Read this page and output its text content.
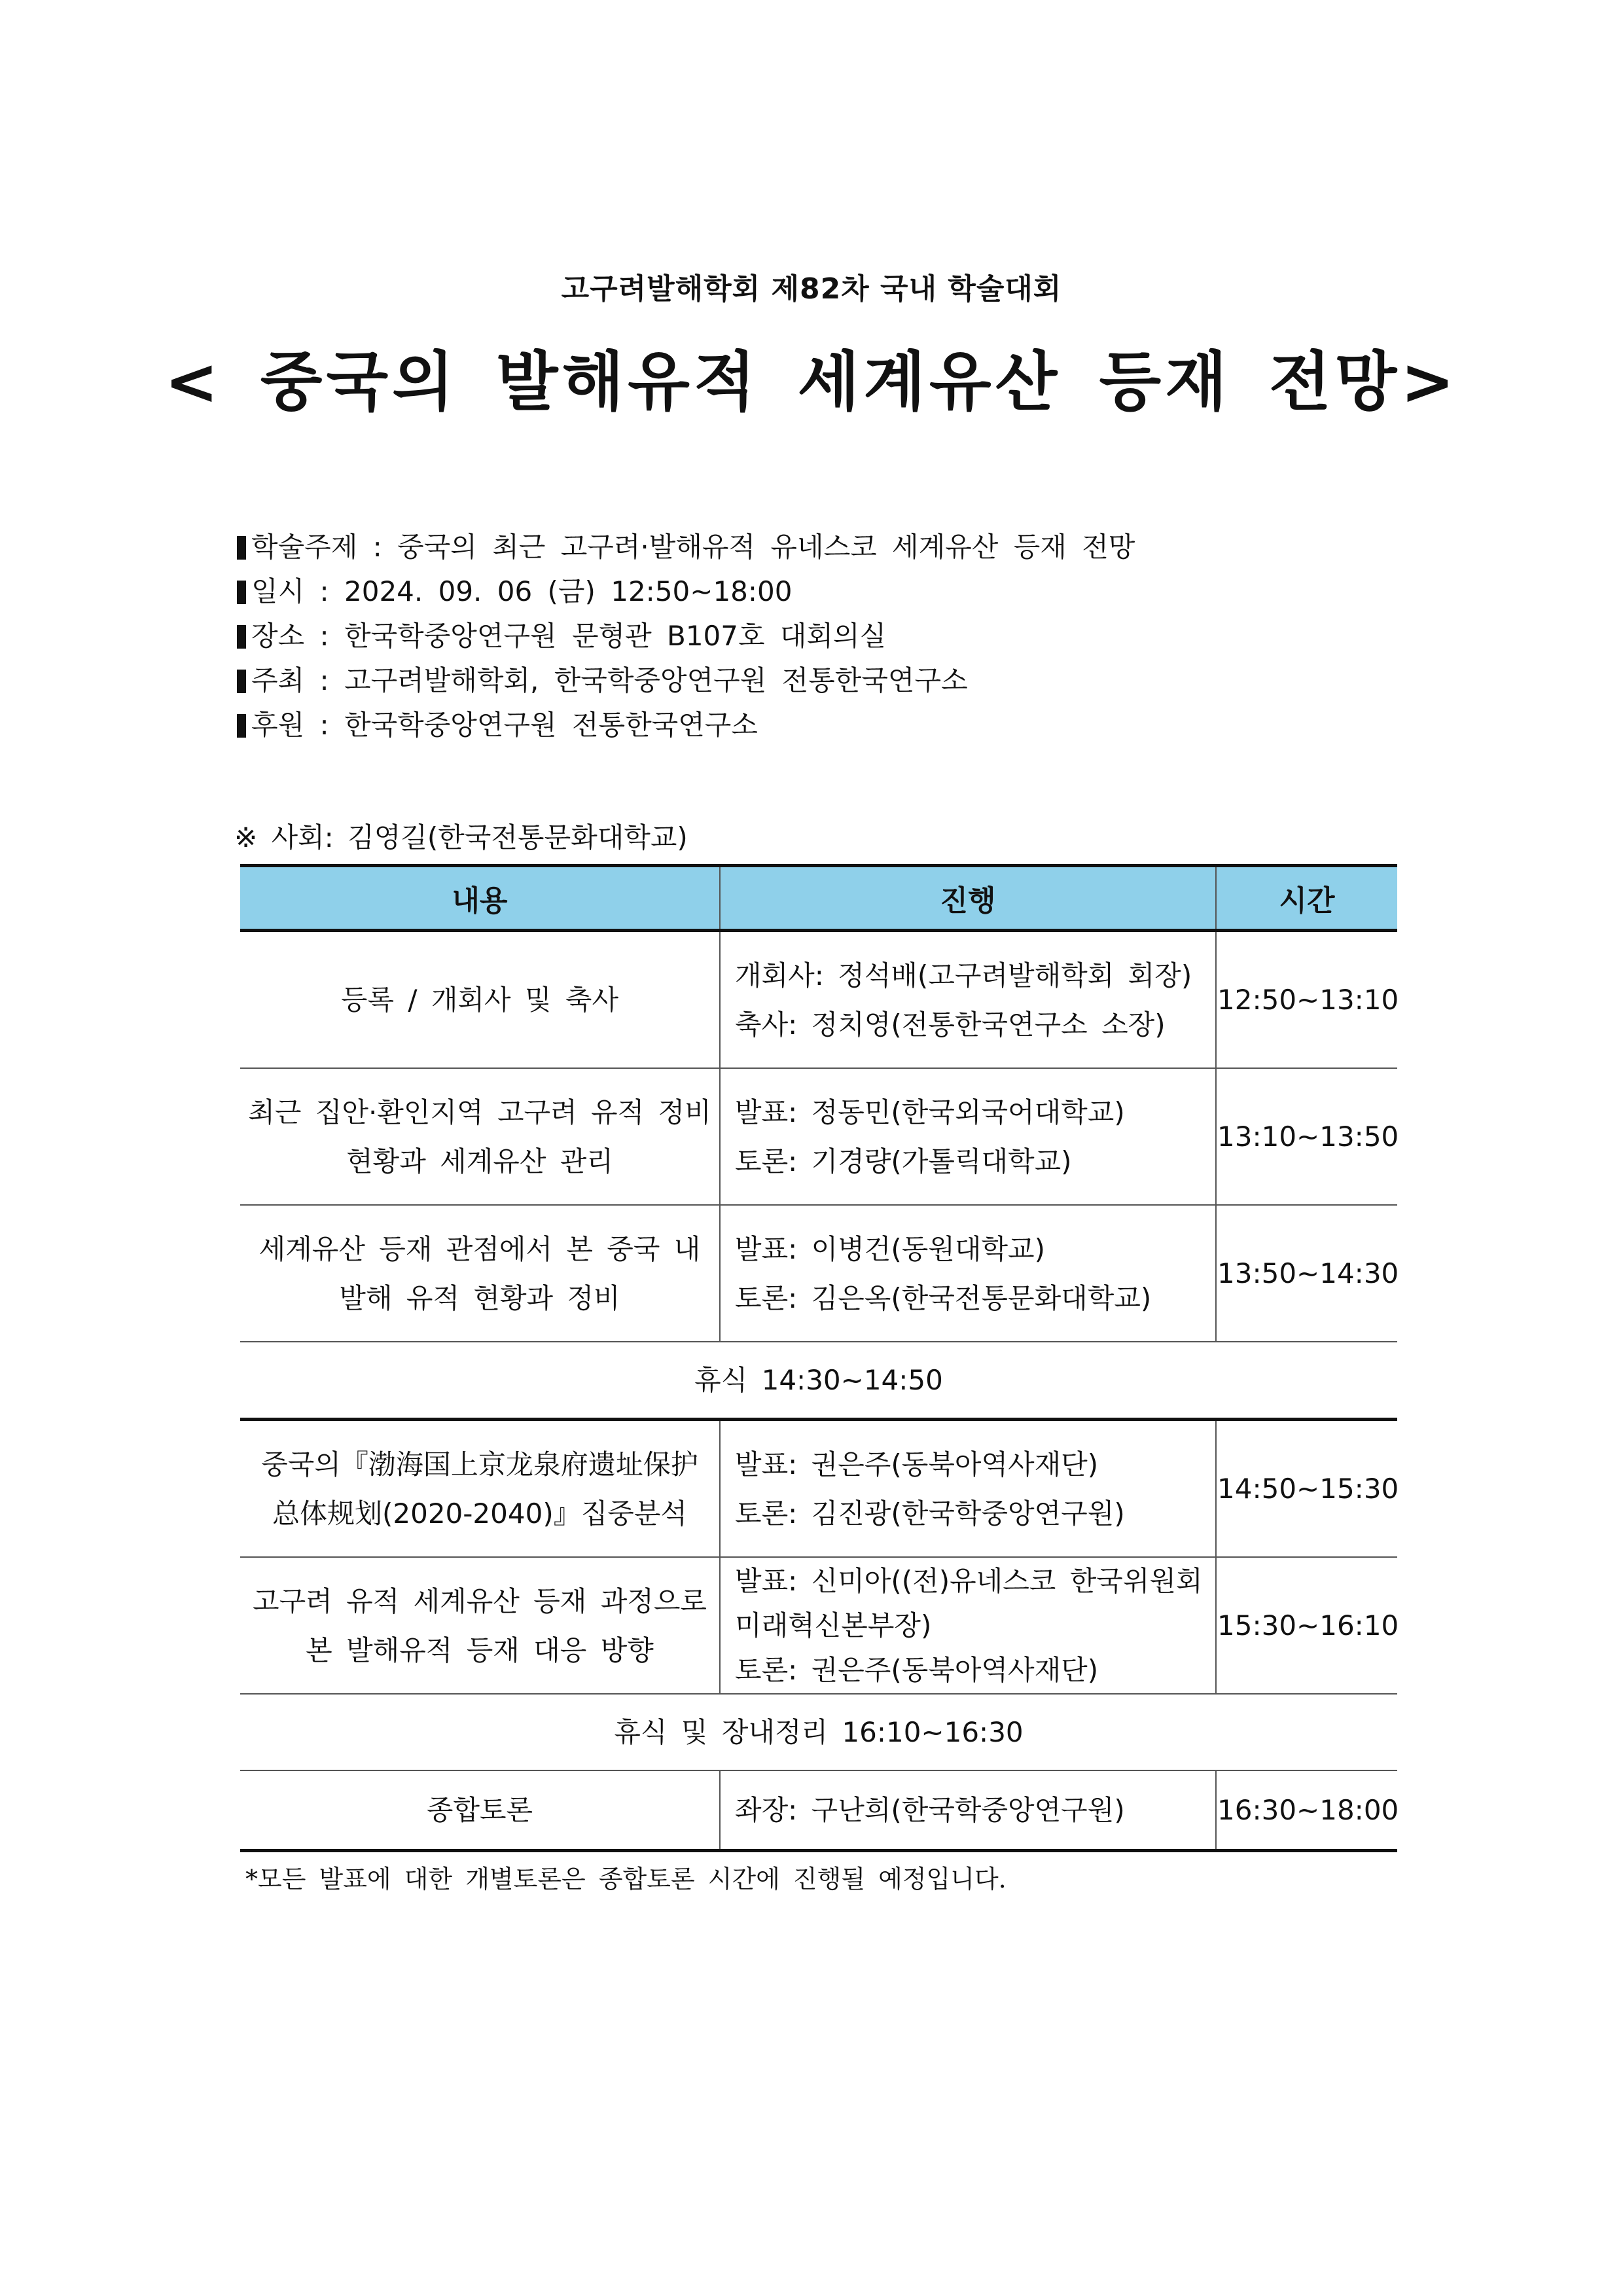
고구려발해학회 제82차 국내 학술대회
< 중국의 발해유적 세계유산 등재 전망>
학술주제 : 중국의 최근 고구려·발해유적 유네스코 세계유산 등재 전망
일시 : 2024. 09. 06 (금) 12:50∼18:00
장소 : 한국학중앙연구원 문형관 B107호 대회의실
주최 : 고구려발해학회, 한국학중앙연구원 전통한국연구소
후원 : 한국학중앙연구원 전통한국연구소
※ 사회: 김영길(한국전통문화대학교)
내용	진행	시간

등록 / 개회사 및 축사	개회사: 정석배(고구려발해학회 회장)
축사: 정치영(전통한국연구소 소장)	12:50~13:10

최근 집안·환인지역 고구려 유적 정비
현황과 세계유산 관리	발표: 정동민(한국외국어대학교)
토론: 기경량(가톨릭대학교)	13:10~13:50

세계유산 등재 관점에서 본 중국 내
발해 유적 현황과 정비	발표: 이병건(동원대학교)
토론: 김은옥(한국전통문화대학교)	13:50~14:30
휴식 14:30~14:50		

중국의『渤海国上京龙泉府遗址保护
总体规划(2020-2040)』집중분석	발표: 권은주(동북아역사재단)
토론: 김진광(한국학중앙연구원)	14:50~15:30

고구려 유적 세계유산 등재 과정으로
본 발해유적 등재 대응 방향	발표: 신미아((전)유네스코 한국위원회
미래혁신본부장)
토론: 권은주(동북아역사재단)	15:30~16:10
휴식 및 장내정리 16:10~16:30		

종합토론	좌장: 구난희(한국학중앙연구원)	16:30~18:00
*모든 발표에 대한 개별토론은 종합토론 시간에 진행될 예정입니다.
